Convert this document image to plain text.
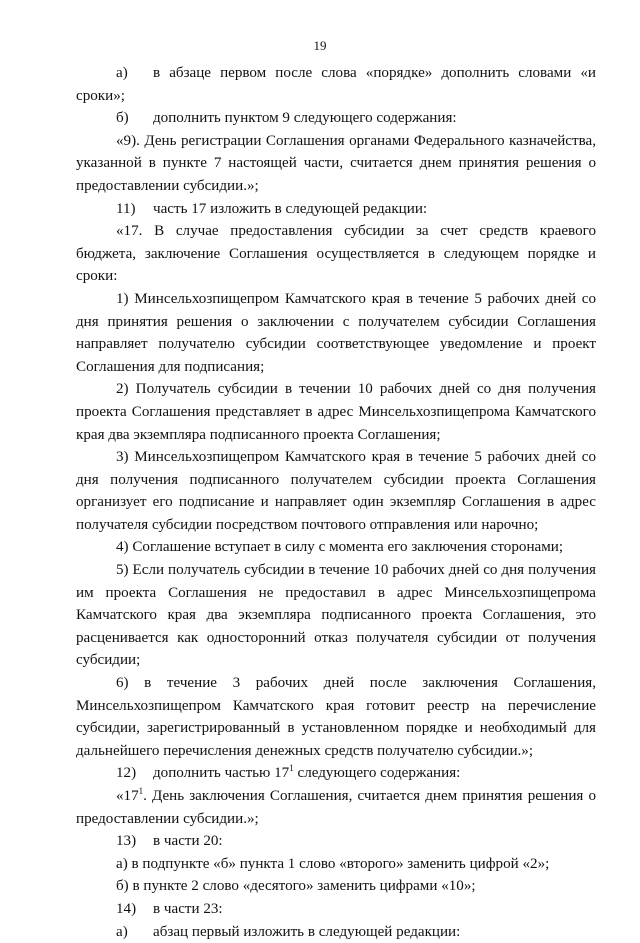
19

а) в абзаце первом после слова «порядке» дополнить словами «и сроки»;

б) дополнить пунктом 9 следующего содержания:

«9). День регистрации Соглашения органами Федерального казначейства, указанной в пункте 7 настоящей части, считается днем принятия решения о предоставлении субсидии.»;

11) часть 17 изложить в следующей редакции:

«17. В случае предоставления субсидии за счет средств краевого бюджета, заключение Соглашения осуществляется в следующем порядке и сроки:

1) Минсельхозпищепром Камчатского края в течение 5 рабочих дней со дня принятия решения о заключении с получателем субсидии Соглашения направляет получателю субсидии соответствующее уведомление и проект Соглашения для подписания;

2) Получатель субсидии в течении 10 рабочих дней со дня получения проекта Соглашения представляет в адрес Минсельхозпищепрома Камчатского края два экземпляра подписанного проекта Соглашения;

3) Минсельхозпищепром Камчатского края в течение 5 рабочих дней со дня получения подписанного получателем субсидии проекта Соглашения организует его подписание и направляет один экземпляр Соглашения в адрес получателя субсидии посредством почтового отправления или нарочно;

4) Соглашение вступает в силу с момента его заключения сторонами;

5) Если получатель субсидии в течение 10 рабочих дней со дня получения им проекта Соглашения не предоставил в адрес Минсельхозпищепрома Камчатского края два экземпляра подписанного проекта Соглашения, это расценивается как односторонний отказ получателя субсидии от получения субсидии;

6) в течение 3 рабочих дней после заключения Соглашения, Минсельхозпищепром Камчатского края готовит реестр на перечисление субсидии, зарегистрированный в установленном порядке и необходимый для дальнейшего перечисления денежных средств получателю субсидии.»;

12) дополнить частью $17^1$ следующего содержания:

«$17^1$. День заключения Соглашения, считается днем принятия решения о предоставлении субсидии.»;

13) в части 20:

а) в подпункте «б» пункта 1 слово «второго» заменить цифрой «2»;

б) в пункте 2 слово «десятого» заменить цифрами «10»;

14) в части 23:

а) абзац первый изложить в следующей редакции:
